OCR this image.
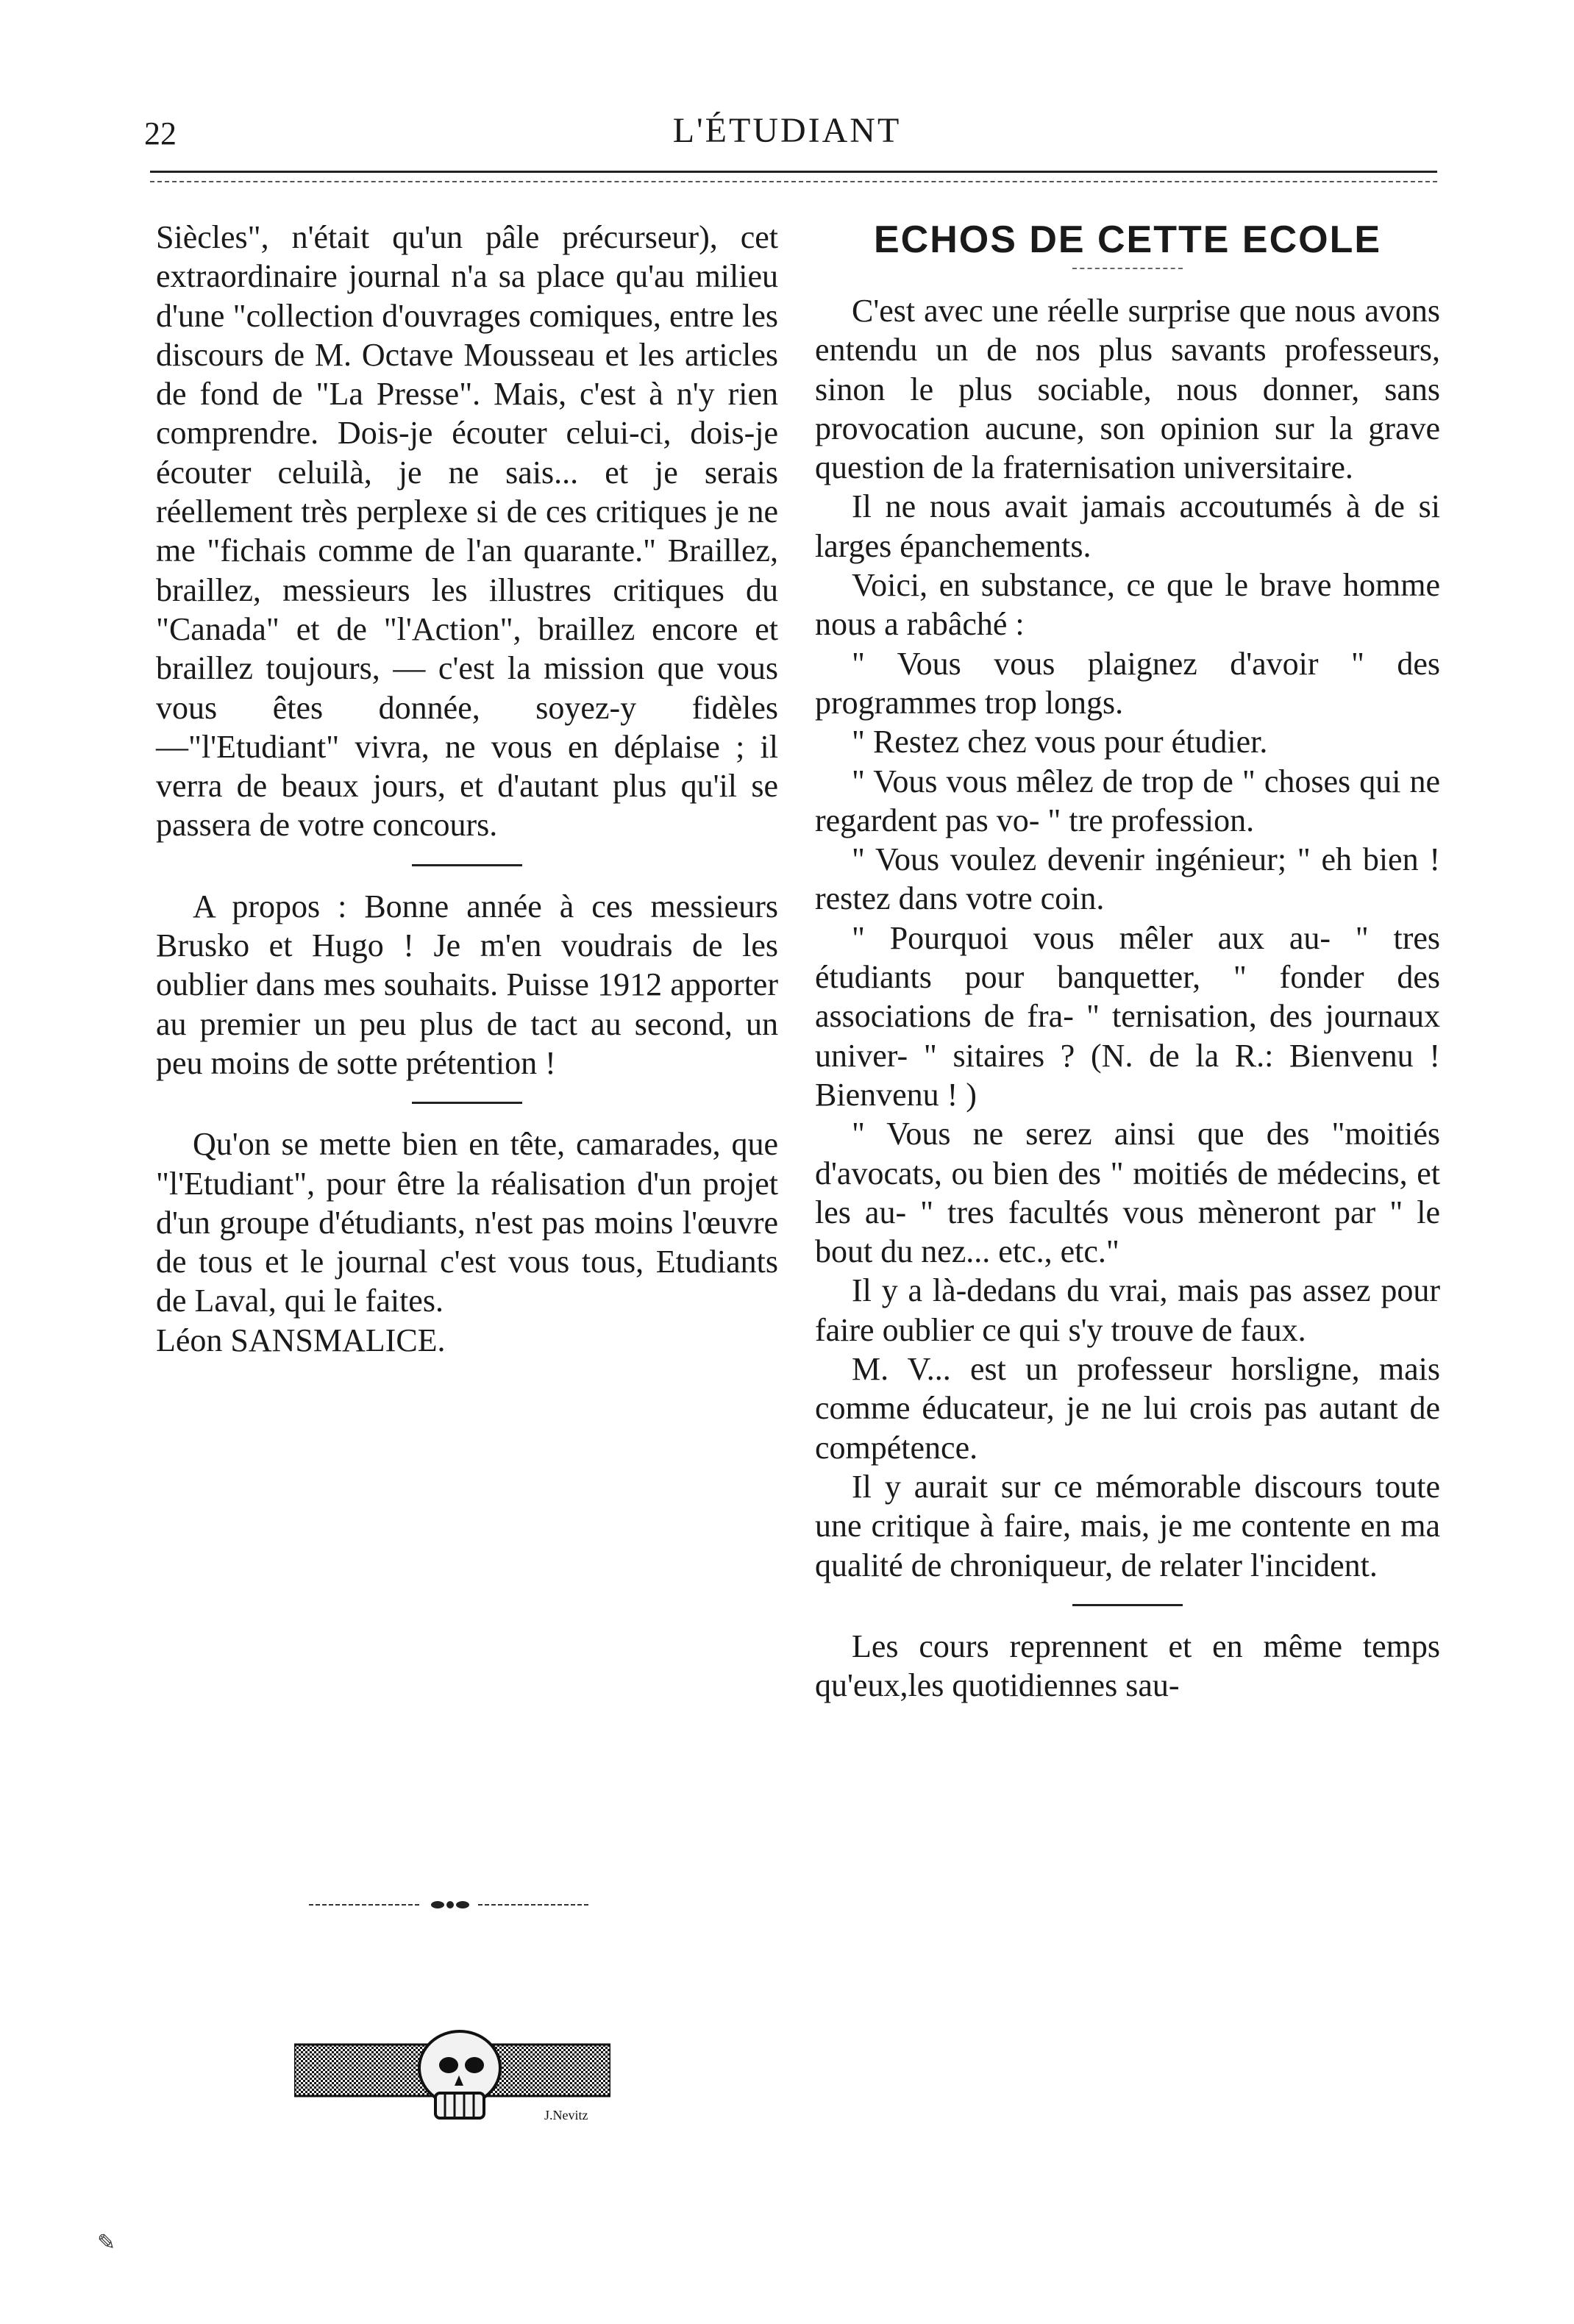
22	L'ÉTUDIANT

Siècles", n'était qu'un pâle précurseur), cet extraordinaire journal n'a sa place qu'au milieu d'une "collection d'ouvrages comiques, entre les discours de M. Octave Mousseau et les articles de fond de "La Presse". Mais, c'est à n'y rien comprendre. Dois-je écouter celui-ci, dois-je écouter celuilà, je ne sais... et je serais réellement très perplexe si de ces critiques je ne me "fichais comme de l'an quarante." Braillez, braillez, messieurs les illustres critiques du "Canada" et de "l'Action", braillez encore et braillez toujours, — c'est la mission que vous vous êtes donnée, soyez-y fidèles —"l'Etudiant" vivra, ne vous en déplaise ; il verra de beaux jours, et d'autant plus qu'il se passera de votre concours.

A propos : Bonne année à ces messieurs Brusko et Hugo ! Je m'en voudrais de les oublier dans mes souhaits. Puisse 1912 apporter au premier un peu plus de tact au second, un peu moins de sotte prétention !

Qu'on se mette bien en tête, camarades, que "l'Etudiant", pour être la réalisation d'un projet d'un groupe d'étudiants, n'est pas moins l'œuvre de tous et le journal c'est vous tous, Etudiants de Laval, qui le faites.

Léon SANSMALICE.

J.Nevitz
ECHOS DE CETTE ECOLE

C'est avec une réelle surprise que nous avons entendu un de nos plus savants professeurs, sinon le plus sociable, nous donner, sans provocation aucune, son opinion sur la grave question de la fraternisation universitaire.

Il ne nous avait jamais accoutumés à de si larges épanchements.

Voici, en substance, ce que le brave homme nous a rabâché :

" Vous vous plaignez d'avoir " des programmes trop longs.

" Restez chez vous pour étudier.

" Vous vous mêlez de trop de " choses qui ne regardent pas vo- " tre profession.

" Vous voulez devenir ingénieur; " eh bien ! restez dans votre coin.

" Pourquoi vous mêler aux au- " tres étudiants pour banquetter, " fonder des associations de fra- " ternisation, des journaux univer- " sitaires ? (N. de la R.: Bienvenu ! Bienvenu ! )

" Vous ne serez ainsi que des "moitiés d'avocats, ou bien des " moitiés de médecins, et les au- " tres facultés vous mèneront par " le bout du nez... etc., etc."

Il y a là-dedans du vrai, mais pas assez pour faire oublier ce qui s'y trouve de faux.

M. V... est un professeur horsligne, mais comme éducateur, je ne lui crois pas autant de compétence.

Il y aurait sur ce mémorable discours toute une critique à faire, mais, je me contente en ma qualité de chroniqueur, de relater l'incident.

Les cours reprennent et en même temps qu'eux,les quotidiennes sau-

✎
